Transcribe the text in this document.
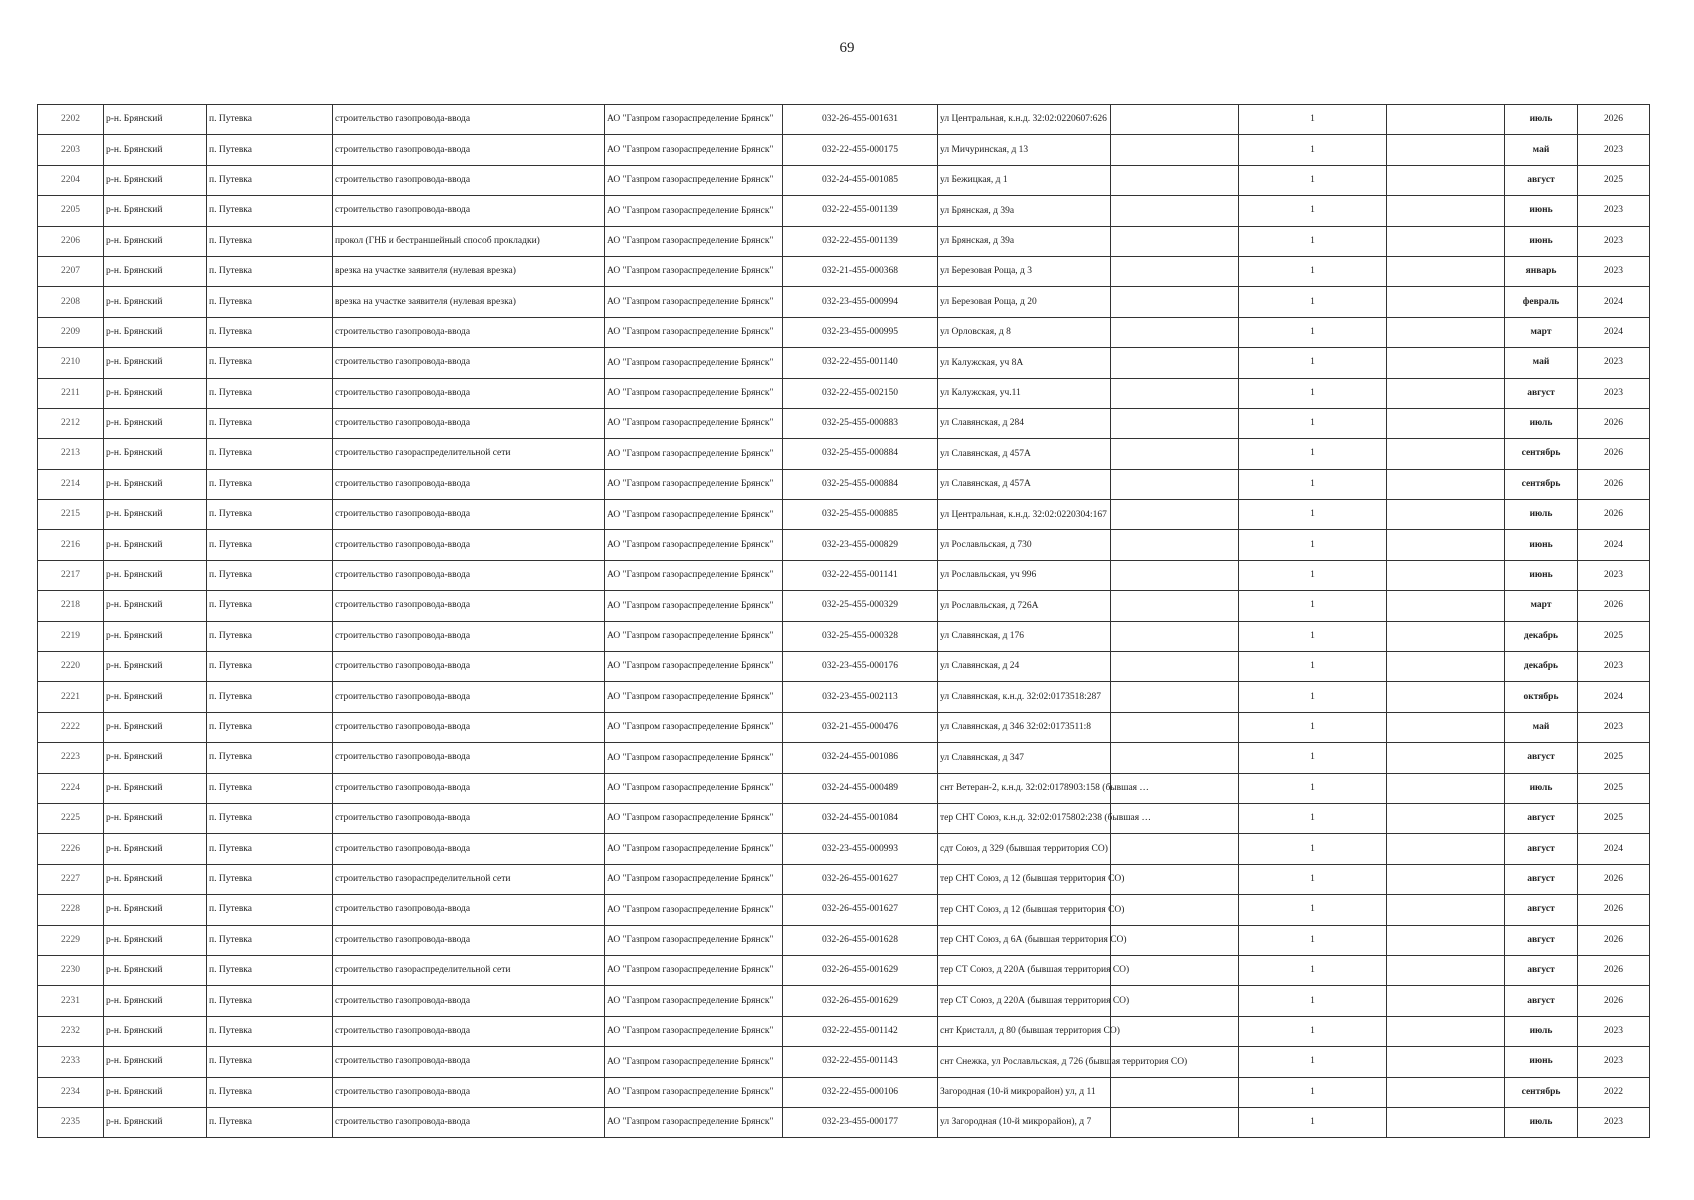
69
2202	р-н. Брянский	п. Путевка	строительство газопровода-ввода	АО "Газпром газораспределение Брянск"	032-26-455-001631	ул Центральная, к.н.д. 32:02:0220607:626		1		июль	2026
2203	р-н. Брянский	п. Путевка	строительство газопровода-ввода	АО "Газпром газораспределение Брянск"	032-22-455-000175	ул Мичуринская, д 13		1		май	2023
2204	р-н. Брянский	п. Путевка	строительство газопровода-ввода	АО "Газпром газораспределение Брянск"	032-24-455-001085	ул Бежицкая, д 1		1		август	2025
2205	р-н. Брянский	п. Путевка	строительство газопровода-ввода	АО "Газпром газораспределение Брянск"	032-22-455-001139	ул Брянская, д 39а		1		июнь	2023
2206	р-н. Брянский	п. Путевка	прокол (ГНБ и бестраншейный способ прокладки)	АО "Газпром газораспределение Брянск"	032-22-455-001139	ул Брянская, д 39а		1		июнь	2023
2207	р-н. Брянский	п. Путевка	врезка на участке заявителя (нулевая врезка)	АО "Газпром газораспределение Брянск"	032-21-455-000368	ул Березовая Роща, д 3		1		январь	2023
2208	р-н. Брянский	п. Путевка	врезка на участке заявителя (нулевая врезка)	АО "Газпром газораспределение Брянск"	032-23-455-000994	ул Березовая Роща, д 20		1		февраль	2024
2209	р-н. Брянский	п. Путевка	строительство газопровода-ввода	АО "Газпром газораспределение Брянск"	032-23-455-000995	ул Орловская, д 8		1		март	2024
2210	р-н. Брянский	п. Путевка	строительство газопровода-ввода	АО "Газпром газораспределение Брянск"	032-22-455-001140	ул Калужская, уч 8А		1		май	2023
2211	р-н. Брянский	п. Путевка	строительство газопровода-ввода	АО "Газпром газораспределение Брянск"	032-22-455-002150	ул Калужская, уч.11		1		август	2023
2212	р-н. Брянский	п. Путевка	строительство газопровода-ввода	АО "Газпром газораспределение Брянск"	032-25-455-000883	ул Славянская, д 284		1		июль	2026
2213	р-н. Брянский	п. Путевка	строительство газораспределительной сети	АО "Газпром газораспределение Брянск"	032-25-455-000884	ул Славянская, д 457А		1		сентябрь	2026
2214	р-н. Брянский	п. Путевка	строительство газопровода-ввода	АО "Газпром газораспределение Брянск"	032-25-455-000884	ул Славянская, д 457А		1		сентябрь	2026
2215	р-н. Брянский	п. Путевка	строительство газопровода-ввода	АО "Газпром газораспределение Брянск"	032-25-455-000885	ул Центральная, к.н.д. 32:02:0220304:167		1		июль	2026
2216	р-н. Брянский	п. Путевка	строительство газопровода-ввода	АО "Газпром газораспределение Брянск"	032-23-455-000829	ул Рославльская, д 730		1		июнь	2024
2217	р-н. Брянский	п. Путевка	строительство газопровода-ввода	АО "Газпром газораспределение Брянск"	032-22-455-001141	ул Рославльская, уч 996		1		июнь	2023
2218	р-н. Брянский	п. Путевка	строительство газопровода-ввода	АО "Газпром газораспределение Брянск"	032-25-455-000329	ул Рославльская, д 726А		1		март	2026
2219	р-н. Брянский	п. Путевка	строительство газопровода-ввода	АО "Газпром газораспределение Брянск"	032-25-455-000328	ул Славянская, д 176		1		декабрь	2025
2220	р-н. Брянский	п. Путевка	строительство газопровода-ввода	АО "Газпром газораспределение Брянск"	032-23-455-000176	ул Славянская, д 24		1		декабрь	2023
2221	р-н. Брянский	п. Путевка	строительство газопровода-ввода	АО "Газпром газораспределение Брянск"	032-23-455-002113	ул Славянская, к.н.д. 32:02:0173518:287		1		октябрь	2024
2222	р-н. Брянский	п. Путевка	строительство газопровода-ввода	АО "Газпром газораспределение Брянск"	032-21-455-000476	ул Славянская, д 346 32:02:0173511:8		1		май	2023
2223	р-н. Брянский	п. Путевка	строительство газопровода-ввода	АО "Газпром газораспределение Брянск"	032-24-455-001086	ул Славянская, д 347		1		август	2025
2224	р-н. Брянский	п. Путевка	строительство газопровода-ввода	АО "Газпром газораспределение Брянск"	032-24-455-000489	снт Ветеран-2, к.н.д. 32:02:0178903:158 (бывшая …		1		июль	2025
2225	р-н. Брянский	п. Путевка	строительство газопровода-ввода	АО "Газпром газораспределение Брянск"	032-24-455-001084	тер СНТ Союз, к.н.д. 32:02:0175802:238 (бывшая …		1		август	2025
2226	р-н. Брянский	п. Путевка	строительство газопровода-ввода	АО "Газпром газораспределение Брянск"	032-23-455-000993	сдт Союз, д 329 (бывшая территория СО)		1		август	2024
2227	р-н. Брянский	п. Путевка	строительство газораспределительной сети	АО "Газпром газораспределение Брянск"	032-26-455-001627	тер СНТ Союз, д 12 (бывшая территория СО)		1		август	2026
2228	р-н. Брянский	п. Путевка	строительство газопровода-ввода	АО "Газпром газораспределение Брянск"	032-26-455-001627	тер СНТ Союз, д 12 (бывшая территория СО)		1		август	2026
2229	р-н. Брянский	п. Путевка	строительство газопровода-ввода	АО "Газпром газораспределение Брянск"	032-26-455-001628	тер СНТ Союз, д 6А (бывшая территория СО)		1		август	2026
2230	р-н. Брянский	п. Путевка	строительство газораспределительной сети	АО "Газпром газораспределение Брянск"	032-26-455-001629	тер СТ Союз, д 220А (бывшая территория СО)		1		август	2026
2231	р-н. Брянский	п. Путевка	строительство газопровода-ввода	АО "Газпром газораспределение Брянск"	032-26-455-001629	тер СТ Союз, д 220А (бывшая территория СО)		1		август	2026
2232	р-н. Брянский	п. Путевка	строительство газопровода-ввода	АО "Газпром газораспределение Брянск"	032-22-455-001142	снт Кристалл, д 80 (бывшая территория СО)		1		июль	2023
2233	р-н. Брянский	п. Путевка	строительство газопровода-ввода	АО "Газпром газораспределение Брянск"	032-22-455-001143	снт Снежка, ул Рославльская, д 726 (бывшая территория СО)		1		июнь	2023
2234	р-н. Брянский	п. Путевка	строительство газопровода-ввода	АО "Газпром газораспределение Брянск"	032-22-455-000106	Загородная (10-й микрорайон) ул, д 11		1		сентябрь	2022
2235	р-н. Брянский	п. Путевка	строительство газопровода-ввода	АО "Газпром газораспределение Брянск"	032-23-455-000177	ул Загородная (10-й микрорайон), д 7		1		июль	2023
